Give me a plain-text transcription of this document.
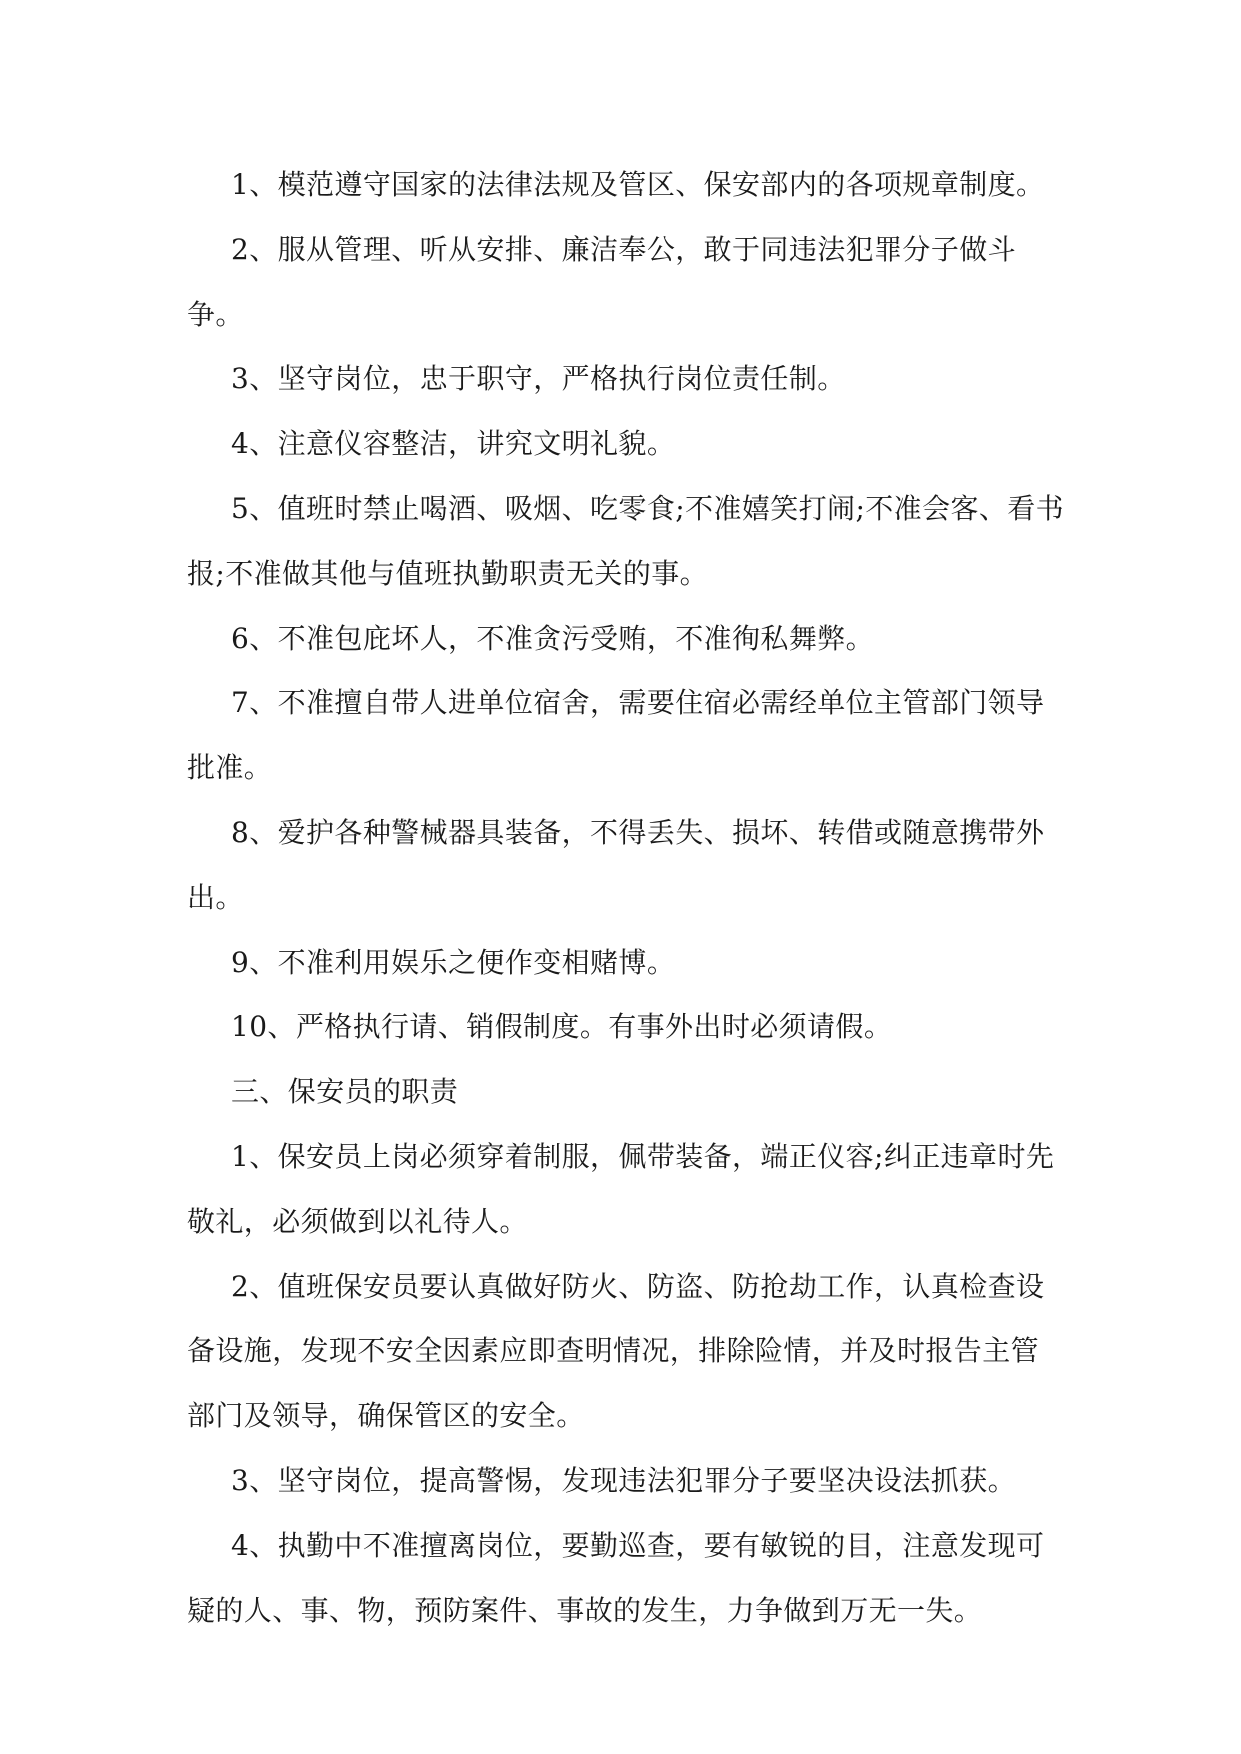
1、模范遵守国家的法律法规及管区、保安部内的各项规章制度。

2、服从管理、听从安排、廉洁奉公，敢于同违法犯罪分子做斗争。

3、坚守岗位，忠于职守，严格执行岗位责任制。

4、注意仪容整洁，讲究文明礼貌。

5、值班时禁止喝酒、吸烟、吃零食;不准嬉笑打闹;不准会客、看书报;不准做其他与值班执勤职责无关的事。

6、不准包庇坏人，不准贪污受贿，不准徇私舞弊。

7、不准擅自带人进单位宿舍，需要住宿必需经单位主管部门领导批准。

8、爱护各种警械器具装备，不得丢失、损坏、转借或随意携带外出。

9、不准利用娱乐之便作变相赌博。

10、严格执行请、销假制度。有事外出时必须请假。

三、保安员的职责

1、保安员上岗必须穿着制服，佩带装备，端正仪容;纠正违章时先敬礼，必须做到以礼待人。

2、值班保安员要认真做好防火、防盗、防抢劫工作，认真检查设备设施，发现不安全因素应即查明情况，排除险情，并及时报告主管部门及领导，确保管区的安全。

3、坚守岗位，提高警惕，发现违法犯罪分子要坚决设法抓获。

4、执勤中不准擅离岗位，要勤巡查，要有敏锐的目，注意发现可疑的人、事、物，预防案件、事故的发生，力争做到万无一失。
